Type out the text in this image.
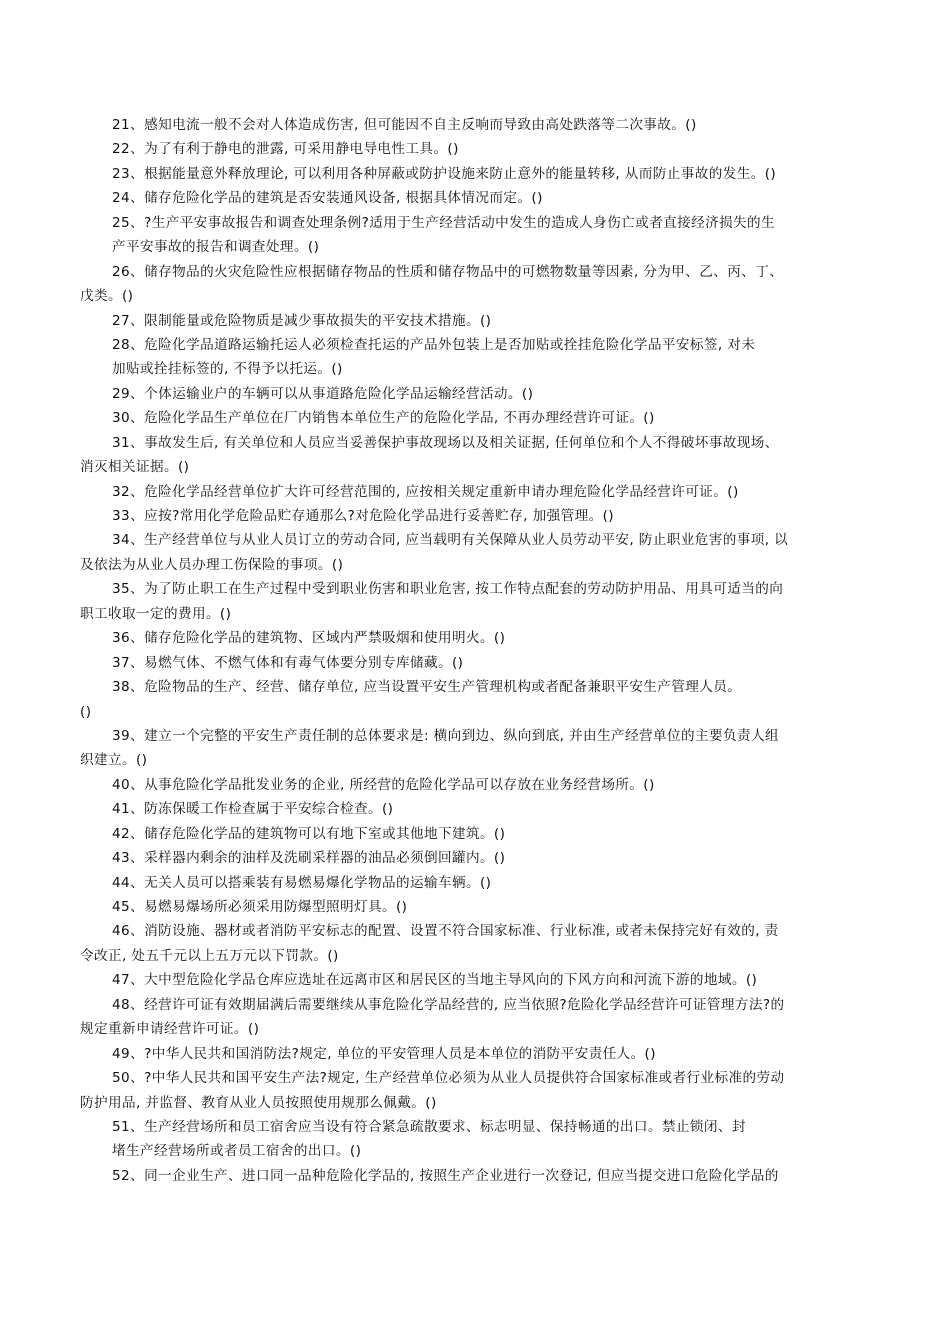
21、感知电流一般不会对人体造成伤害, 但可能因不自主反响而导致由高处跌落等二次事故。()
22、为了有利于静电的泄露, 可采用静电导电性工具。()
23、根据能量意外释放理论, 可以利用各种屏蔽或防护设施来防止意外的能量转移, 从而防止事故的发生。()
24、储存危险化学品的建筑是否安装通风设备, 根据具体情况而定。()
25、?生产平安事故报告和调查处理条例?适用于生产经营活动中发生的造成人身伤亡或者直接经济损失的生
产平安事故的报告和调查处理。()
26、储存物品的火灾危险性应根据储存物品的性质和储存物品中的可燃物数量等因素, 分为甲、乙、丙、丁、
戊类。()
27、限制能量或危险物质是减少事故损失的平安技术措施。()
28、危险化学品道路运输托运人必须检查托运的产品外包装上是否加贴或拴挂危险化学品平安标签, 对未
加贴或拴挂标签的, 不得予以托运。()
29、个体运输业户的车辆可以从事道路危险化学品运输经营活动。()
30、危险化学品生产单位在厂内销售本单位生产的危险化学品, 不再办理经营许可证。()
31、事故发生后, 有关单位和人员应当妥善保护事故现场以及相关证据, 任何单位和个人不得破坏事故现场、
消灭相关证据。()
32、危险化学品经营单位扩大许可经营范围的, 应按相关规定重新申请办理危险化学品经营许可证。()
33、应按?常用化学危险品贮存通那么?对危险化学品进行妥善贮存, 加强管理。()
34、生产经营单位与从业人员订立的劳动合同, 应当载明有关保障从业人员劳动平安, 防止职业危害的事项, 以
及依法为从业人员办理工伤保险的事项。()
35、为了防止职工在生产过程中受到职业伤害和职业危害, 按工作特点配套的劳动防护用品、用具可适当的向
职工收取一定的费用。()
36、储存危险化学品的建筑物、区域内严禁吸烟和使用明火。()
37、易燃气体、不燃气体和有毒气体要分别专库储藏。()
38、危险物品的生产、经营、储存单位, 应当设置平安生产管理机构或者配备兼职平安生产管理人员。
()
39、建立一个完整的平安生产责任制的总体要求是: 横向到边、纵向到底, 并由生产经营单位的主要负责人组
织建立。()
40、从事危险化学品批发业务的企业, 所经营的危险化学品可以存放在业务经营场所。()
41、防冻保暖工作检查属于平安综合检查。()
42、储存危险化学品的建筑物可以有地下室或其他地下建筑。()
43、采样器内剩余的油样及洗刷采样器的油品必须倒回罐内。()
44、无关人员可以搭乘装有易燃易爆化学物品的运输车辆。()
45、易燃易爆场所必须采用防爆型照明灯具。()
46、消防设施、器材或者消防平安标志的配置、设置不符合国家标准、行业标准, 或者未保持完好有效的, 责
令改正, 处五千元以上五万元以下罚款。()
47、大中型危险化学品仓库应选址在远离市区和居民区的当地主导风向的下风方向和河流下游的地域。()
48、经营许可证有效期届满后需要继续从事危险化学品经营的, 应当依照?危险化学品经营许可证管理方法?的
规定重新申请经营许可证。()
49、?中华人民共和国消防法?规定, 单位的平安管理人员是本单位的消防平安责任人。()
50、?中华人民共和国平安生产法?规定, 生产经营单位必须为从业人员提供符合国家标准或者行业标准的劳动
防护用品, 并监督、教育从业人员按照使用规那么佩戴。()
51、生产经营场所和员工宿舍应当设有符合紧急疏散要求、标志明显、保持畅通的出口。禁止锁闭、封
堵生产经营场所或者员工宿舍的出口。()
52、同一企业生产、进口同一品种危险化学品的, 按照生产企业进行一次登记, 但应当提交进口危险化学品的
